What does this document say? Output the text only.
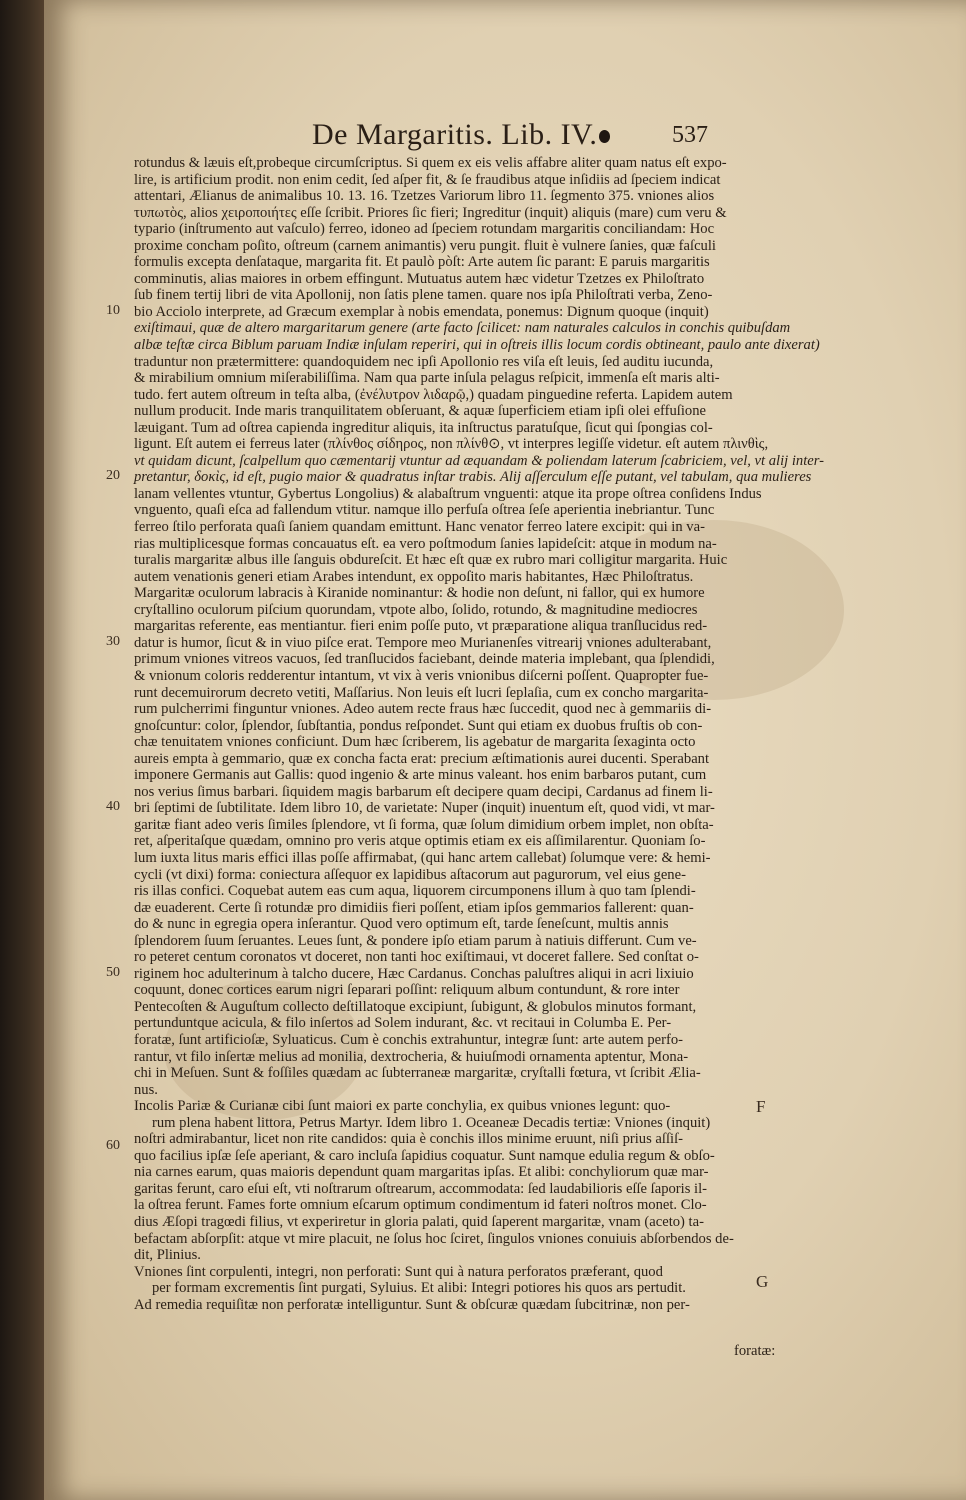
De Margaritis. Lib. IV.	537
rotundus & læuis eſt,probeque circumſcriptus. Si quem ex eis velis affabre aliter quam natus eſt expo-
lire, is artificium prodit. non enim cedit, ſed aſper fit, & ſe fraudibus atque inſidiis ad ſpeciem indicat
attentari, Ælianus de animalibus 10. 13. 16. Tzetzes Variorum libro 11. ſegmento 375. vniones alios
τυπωτὸς, alios χειροποιήτες eſſe ſcribit. Priores ſic fieri; Ingreditur (inquit) aliquis (mare) cum veru &
typario (inſtrumento aut vaſculo) ferreo, idoneo ad ſpeciem rotundam margaritis conciliandam: Hoc
proxime concham poſito, oſtreum (carnem animantis) veru pungit. fluit è vulnere ſanies, quæ faſculi
formulis excepta denſataque, margarita fit. Et paulò pòſt: Arte autem ſic parant: E paruis margaritis
comminutis, alias maiores in orbem effingunt. Mutuatus autem hæc videtur Tzetzes ex Philoſtrato
ſub finem tertij libri de vita Apollonij, non ſatis plene tamen. quare nos ipſa Philoſtrati verba, Zeno-
bio Acciolo interprete, ad Græcum exemplar à nobis emendata, ponemus: Dignum quoque (inquit)
exiſtimaui, quæ de altero margaritarum genere (arte facto ſcilicet: nam naturales calculos in conchis quibuſdam
albæ teſtæ circa Biblum paruam Indiæ inſulam reperiri, qui in oſtreis illis locum cordis obtineant, paulo ante dixerat)
traduntur non prætermittere: quandoquidem nec ipſi Apollonio res viſa eſt leuis, ſed auditu iucunda,
& mirabilium omnium miſerabiliſſima. Nam qua parte inſula pelagus reſpicit, immenſa eſt maris alti-
tudo. fert autem oſtreum in teſta alba, (ἐνέλυτρον λιδαρῷ,) quadam pinguedine referta. Lapidem autem
nullum producit. Inde maris tranquilitatem obſeruant, & aquæ ſuperficiem etiam ipſi olei effuſione
læuigant. Tum ad oſtrea capienda ingreditur aliquis, ita inſtructus paratuſque, ſicut qui ſpongias col-
ligunt. Eſt autem ei ferreus later (πλίνθος σίδηρος, non πλίνθ⊙, vt interpres legiſſe videtur. eſt autem πλινθὶς,
vt quidam dicunt, ſcalpellum quo cæmentarij vtuntur ad æquandam & poliendam laterum ſcabriciem, vel, vt alij inter-
pretantur, δοκὶς, id eſt, pugio maior & quadratus inſtar trabis. Alij aſſerculum eſſe putant, vel tabulam, qua mulieres
lanam vellentes vtuntur, Gybertus Longolius) & alabaſtrum vnguenti: atque ita prope oſtrea conſidens Indus
vnguento, quaſi eſca ad fallendum vtitur. namque illo perfuſa oſtrea ſeſe aperientia inebriantur. Tunc
ferreo ſtilo perforata quaſi ſaniem quandam emittunt. Hanc venator ferreo latere excipit: qui in va-
rias multiplicesque formas concauatus eſt. ea vero poſtmodum ſanies lapideſcit: atque in modum na-
turalis margaritæ albus ille ſanguis obdureſcit. Et hæc eſt quæ ex rubro mari colligitur margarita. Huic
autem venationis generi etiam Arabes intendunt, ex oppoſito maris habitantes, Hæc Philoſtratus.
Margaritæ oculorum labracis à Kiranide nominantur: & hodie non deſunt, ni fallor, qui ex humore
cryſtallino oculorum piſcium quorundam, vtpote albo, ſolido, rotundo, & magnitudine mediocres
margaritas referente, eas mentiantur. fieri enim poſſe puto, vt præparatione aliqua tranſlucidus red-
datur is humor, ſicut & in viuo piſce erat. Tempore meo Murianenſes vitrearij vniones adulterabant,
primum vniones vitreos vacuos, ſed tranſlucidos faciebant, deinde materia implebant, qua ſplendidi,
& vnionum coloris redderentur intantum, vt vix à veris vnionibus diſcerni poſſent. Quapropter fue-
runt decemuirorum decreto vetiti, Maſſarius. Non leuis eſt lucri ſeplaſia, cum ex concho margarita-
rum pulcherrimi finguntur vniones. Adeo autem recte fraus hæc ſuccedit, quod nec à gemmariis di-
gnoſcuntur: color, ſplendor, ſubſtantia, pondus reſpondet. Sunt qui etiam ex duobus fruſtis ob con-
chæ tenuitatem vniones conficiunt. Dum hæc ſcriberem, lis agebatur de margarita ſexaginta octo
aureis empta à gemmario, quæ ex concha facta erat: precium æſtimationis aurei ducenti. Sperabant
imponere Germanis aut Gallis: quod ingenio & arte minus valeant. hos enim barbaros putant, cum
nos verius ſimus barbari. ſiquidem magis barbarum eſt decipere quam decipi, Cardanus ad finem li-
bri ſeptimi de ſubtilitate. Idem libro 10, de varietate: Nuper (inquit) inuentum eſt, quod vidi, vt mar-
garitæ fiant adeo veris ſimiles ſplendore, vt ſi forma, quæ ſolum dimidium orbem implet, non obſta-
ret, aſperitaſque quædam, omnino pro veris atque optimis etiam ex eis aſſimilarentur. Quoniam ſo-
lum iuxta litus maris effici illas poſſe affirmabat, (qui hanc artem callebat) ſolumque vere: & hemi-
cycli (vt dixi) forma: coniectura aſſequor ex lapidibus aſtacorum aut pagurorum, vel eius gene-
ris illas confici. Coquebat autem eas cum aqua, liquorem circumponens illum à quo tam ſplendi-
dæ euaderent. Certe ſi rotundæ pro dimidiis fieri poſſent, etiam ipſos gemmarios fallerent: quan-
do & nunc in egregia opera inſerantur. Quod vero optimum eſt, tarde ſeneſcunt, multis annis
ſplendorem ſuum ſeruantes. Leues ſunt, & pondere ipſo etiam parum à natiuis differunt. Cum ve-
ro peteret centum coronatos vt doceret, non tanti hoc exiſtimaui, vt doceret fallere. Sed conſtat o-
riginem hoc adulterinum à talcho ducere, Hæc Cardanus. Conchas paluſtres aliqui in acri lixiuio
coquunt, donec cortices earum nigri ſeparari poſſint: reliquum album contundunt, & rore inter
Pentecoſten & Auguſtum collecto deſtillatoque excipiunt, ſubigunt, & globulos minutos formant,
pertunduntque acicula, & filo inſertos ad Solem indurant, &c. vt recitaui in Columba E. Per-
foratæ, ſunt artificioſæ, Syluaticus. Cum è conchis extrahuntur, integræ ſunt: arte autem perfo-
rantur, vt filo inſertæ melius ad monilia, dextrocheria, & huiuſmodi ornamenta aptentur, Mona-
chi in Meſuen. Sunt & foſſiles quædam ac ſubterraneæ margaritæ, cryſtalli fœtura, vt ſcribit Ælia-
nus.
Incolis Pariæ & Curianæ cibi ſunt maiori ex parte conchylia, ex quibus vniones legunt: quo-
rum plena habent littora, Petrus Martyr. Idem libro 1. Oceaneæ Decadis tertiæ: Vniones (inquit)
noſtri admirabantur, licet non rite candidos: quia è conchis illos minime eruunt, niſi prius aſſiſ-
quo facilius ipſæ ſeſe aperiant, & caro incluſa ſapidius coquatur. Sunt namque edulia regum & obſo-
nia carnes earum, quas maioris dependunt quam margaritas ipſas. Et alibi: conchyliorum quæ mar-
garitas ferunt, caro eſui eſt, vti noſtrarum oſtrearum, accommodata: ſed laudabilioris eſſe ſaporis il-
la oſtrea ferunt. Fames forte omnium eſcarum optimum condimentum id fateri noſtros monet. Clo-
dius Æſopi tragœdi filius, vt experiretur in gloria palati, quid ſaperent margaritæ, vnam (aceto) ta-
befactam abſorpſit: atque vt mire placuit, ne ſolus hoc ſciret, ſingulos vniones conuiuis abſorbendos de-
dit, Plinius.
Vniones ſint corpulenti, integri, non perforati: Sunt qui à natura perforatos præferant, quod
per formam excrementis ſint purgati, Syluius. Et alibi: Integri potiores his quos ars pertudit.
Ad remedia requiſitæ non perforatæ intelliguntur. Sunt & obſcuræ quædam ſubcitrinæ, non per-
10
20
30
40
50
60
F
G
foratæ:
